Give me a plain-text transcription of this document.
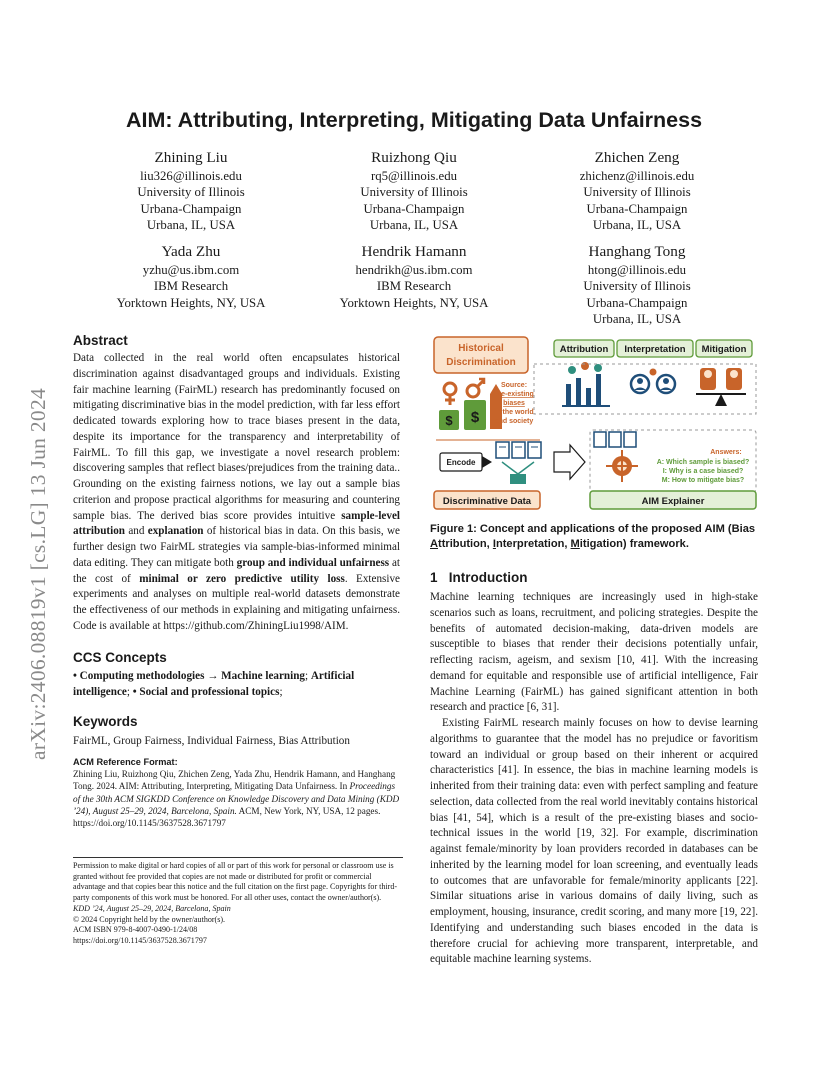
arXiv:2406.08819v1 [cs.LG] 13 Jun 2024
AIM: Attributing, Interpreting, Mitigating Data Unfairness
Zhining Liu
liu326@illinois.edu
University of Illinois
Urbana-Champaign
Urbana, IL, USA
Ruizhong Qiu
rq5@illinois.edu
University of Illinois
Urbana-Champaign
Urbana, IL, USA
Zhichen Zeng
zhichenz@illinois.edu
University of Illinois
Urbana-Champaign
Urbana, IL, USA
Yada Zhu
yzhu@us.ibm.com
IBM Research
Yorktown Heights, NY, USA
Hendrik Hamann
hendrikh@us.ibm.com
IBM Research
Yorktown Heights, NY, USA
Hanghang Tong
htong@illinois.edu
University of Illinois
Urbana-Champaign
Urbana, IL, USA
Abstract
Data collected in the real world often encapsulates historical discrimination against disadvantaged groups and individuals. Existing fair machine learning (FairML) research has predominantly focused on mitigating discriminative bias in the model prediction, with far less effort dedicated towards exploring how to trace biases present in the data, despite its importance for the transparency and interpretability of FairML. To fill this gap, we investigate a novel research problem: discovering samples that reflect biases/prejudices from the training data.. Grounding on the existing fairness notions, we lay out a sample bias criterion and propose practical algorithms for measuring and countering sample bias. The derived bias score provides intuitive sample-level attribution and explanation of historical bias in data. On this basis, we further design two FairML strategies via sample-bias-informed minimal data editing. They can mitigate both group and individual unfairness at the cost of minimal or zero predictive utility loss. Extensive experiments and analyses on multiple real-world datasets demonstrate the effectiveness of our methods in explaining and mitigating unfairness. Code is available at https://github.com/ZhiningLiu1998/AIM.
CCS Concepts
• Computing methodologies → Machine learning; Artificial intelligence; • Social and professional topics;
Keywords
FairML, Group Fairness, Individual Fairness, Bias Attribution
ACM Reference Format:
Zhining Liu, Ruizhong Qiu, Zhichen Zeng, Yada Zhu, Hendrik Hamann, and Hanghang Tong. 2024. AIM: Attributing, Interpreting, Mitigating Data Unfairness. In Proceedings of the 30th ACM SIGKDD Conference on Knowledge Discovery and Data Mining (KDD ’24), August 25–29, 2024, Barcelona, Spain. ACM, New York, NY, USA, 12 pages. https://doi.org/10.1145/3637528.3671797

Permission to make digital or hard copies of all or part of this work for personal or classroom use is granted without fee provided that copies are not made or distributed for profit or commercial advantage and that copies bear this notice and the full citation on the first page. Copyrights for third-party components of this work must be honored. For all other uses, contact the owner/author(s).

KDD ’24, August 25–29, 2024, Barcelona, Spain

© 2024 Copyright held by the owner/author(s).

ACM ISBN 979-8-4007-0490-1/24/08

https://doi.org/10.1145/3637528.3671797

Historical
Discrimination
$ $
Source:
pre-existing
biases
in the world
and society
Attribution Interpretation Mitigation
Encode
Answers:
A: Which sample is biased?
I: Why is a case biased?
M: How to mitigate bias?
Discriminative Data	AIM Explainer
Figure 1: Concept and applications of the proposed AIM (Bias Attribution, Interpretation, Mitigation) framework.
1 Introduction

Machine learning techniques are increasingly used in high-stake scenarios such as loans, recruitment, and policing strategies. Despite the benefits of automated decision-making, data-driven models are susceptible to biases that render their decisions potentially unfair, reflecting racism, ageism, and sexism [10, 41]. With the increasing demand for equitable and responsible use of artificial intelligence, Fair Machine Learning (FairML) has gained significant attention in both research and practice [6, 31].

Existing FairML research mainly focuses on how to devise learning algorithms to guarantee that the model has no prejudice or favoritism toward an individual or group based on their inherent or acquired characteristics [41]. In essence, the bias in machine learning models is inherited from their training data: even with perfect sampling and feature selection, data collected from the real world inevitably contains historical bias [41, 54], which is a result of the pre-existing biases and socio-technical issues in the world [19, 32]. For example, discrimination against female/minority by loan providers recorded in databases can be inherited by the learning model for loan screening, and eventually leads to outcomes that are unfavorable for female/minority applicants [22]. Similar situations arise in various domains of daily living, such as employment, housing, insurance, credit scoring, and many more [19, 22]. Identifying and understanding such biases encoded in the data is therefore crucial for achieving more transparent, interpretable, and equitable machine learning systems.
